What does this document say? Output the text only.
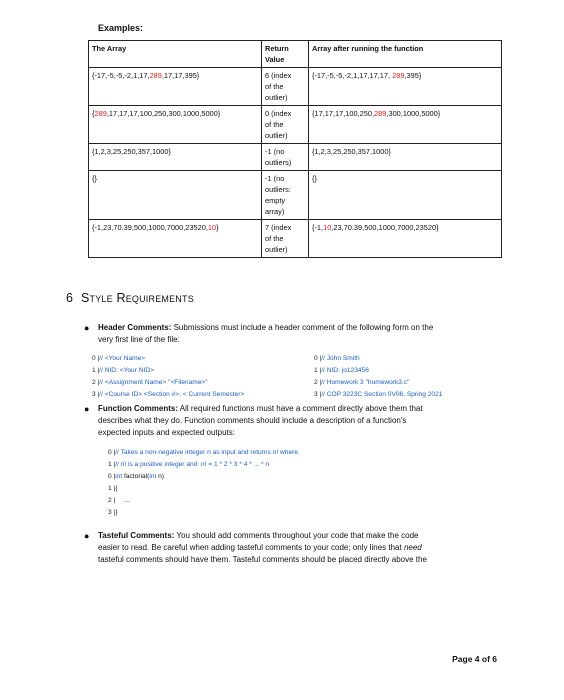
Examples:
The Array	Return Value	Array after running the function
{-17,-5,-5,-2,1,17,289,17,17,395}	6 (index
of the
outlier)	{-17,-5,-5,-2,1,17,17,17, 289,395}
{289,17,17,17,100,250,300,1000,5000}	0 (index
of the
outlier)	{17,17,17,100,250,289,300,1000,5000}
{1,2,3,25,250,357,1000}	-1 (no
outliers)	{1,2,3,25,250,357,1000}
{}	-1 (no
outliers:
empty
array)	{}
{-1,23,70.39,500,1000,7000,23520,10}	7 (index
of the
outlier)	{-1,10,23,70.39,500,1000,7000,23520}
6 Style Requirements
● Header Comments: Submissions must include a header comment of the following form on the
very first line of the file:
0 |// <Your Name>
1 |// NID: <Your NID>
2 |// <Assignment Name> "<Filename>"
3 |// <Course ID> <Section #>, < Current Semester>
0 |// John Smith
1 |// NID: jo123456
2 |// Homework 3 "homework3.c"
3 |// COP 3223C Section 0V06, Spring 2021
● Function Comments: All required functions must have a comment directly above them that
describes what they do. Function comments should include a description of a function's
expected inputs and expected outputs:
0 |// Takes a non-negative integer n as input and returns n! where
1 |// n! is a positive integer and  n! = 1 * 2 * 3 * 4 * ... * n
0 |int factorial(int n)
1 |{
2 |     ...
3 |}
● Tasteful Comments: You should add comments throughout your code that make the code
easier to read. Be careful when adding tasteful comments to your code; only lines that need
tasteful comments should have them. Tasteful comments should be placed directly above the
Page 4 of 6
